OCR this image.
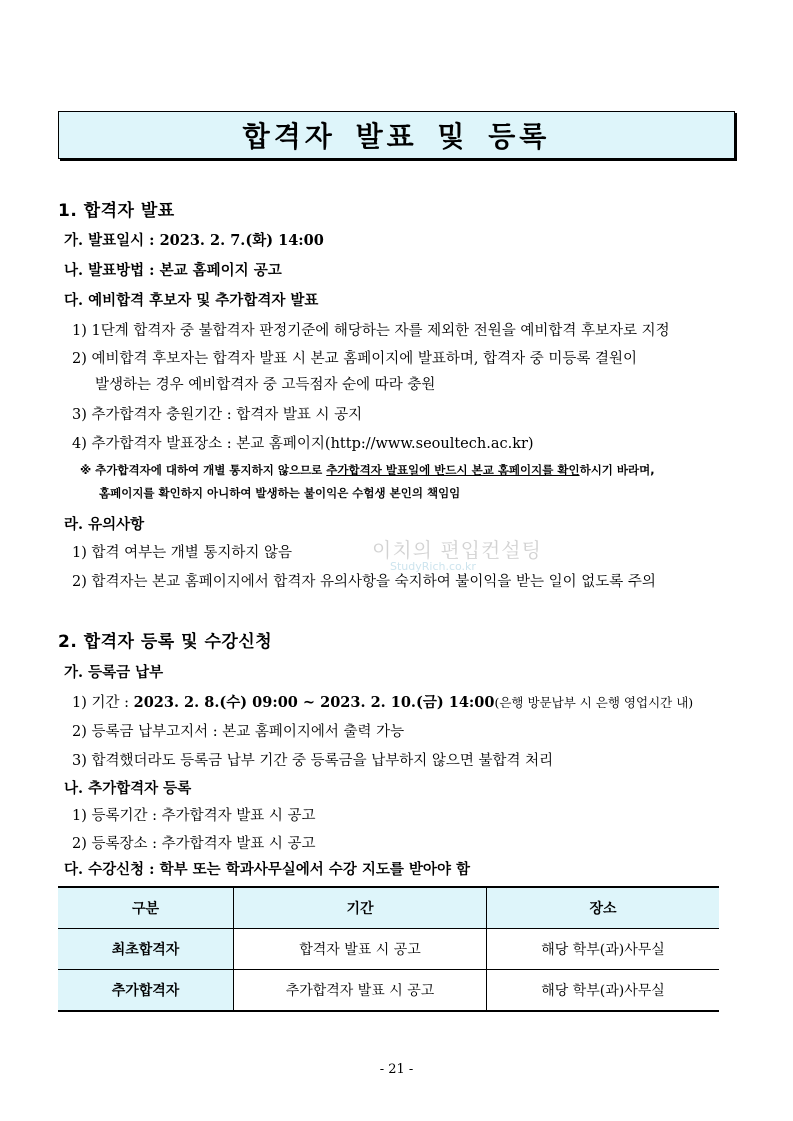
합격자 발표 및 등록
1. 합격자 발표
가. 발표일시 : 2023. 2. 7.(화) 14:00
나. 발표방법 : 본교 홈페이지 공고
다. 예비합격 후보자 및 추가합격자 발표
1) 1단계 합격자 중 불합격자 판정기준에 해당하는 자를 제외한 전원을 예비합격 후보자로 지정
2) 예비합격 후보자는 합격자 발표 시 본교 홈페이지에 발표하며, 합격자 중 미등록 결원이
발생하는 경우 예비합격자 중 고득점자 순에 따라 충원
3) 추가합격자 충원기간 : 합격자 발표 시 공지
4) 추가합격자 발표장소 : 본교 홈페이지(http://www.seoultech.ac.kr)
※ 추가합격자에 대하여 개별 통지하지 않으므로 추가합격자 발표일에 반드시 본교 홈페이지를 확인하시기 바라며,
홈페이지를 확인하지 아니하여 발생하는 불이익은 수험생 본인의 책임임
라. 유의사항
1) 합격 여부는 개별 통지하지 않음
2) 합격자는 본교 홈페이지에서 합격자 유의사항을 숙지하여 불이익을 받는 일이 없도록 주의
이치의 편입컨설팅
StudyRich.co.kr
2. 합격자 등록 및 수강신청
가. 등록금 납부
1) 기간 : 2023. 2. 8.(수) 09:00 ~ 2023. 2. 10.(금) 14:00(은행 방문납부 시 은행 영업시간 내)
2) 등록금 납부고지서 : 본교 홈페이지에서 출력 가능
3) 합격했더라도 등록금 납부 기간 중 등록금을 납부하지 않으면 불합격 처리
나. 추가합격자 등록
1) 등록기간 : 추가합격자 발표 시 공고
2) 등록장소 : 추가합격자 발표 시 공고
다. 수강신청 : 학부 또는 학과사무실에서 수강 지도를 받아야 함
구분	기간	장소
최초합격자	합격자 발표 시 공고	해당 학부(과)사무실
추가합격자	추가합격자 발표 시 공고	해당 학부(과)사무실
- 21 -
